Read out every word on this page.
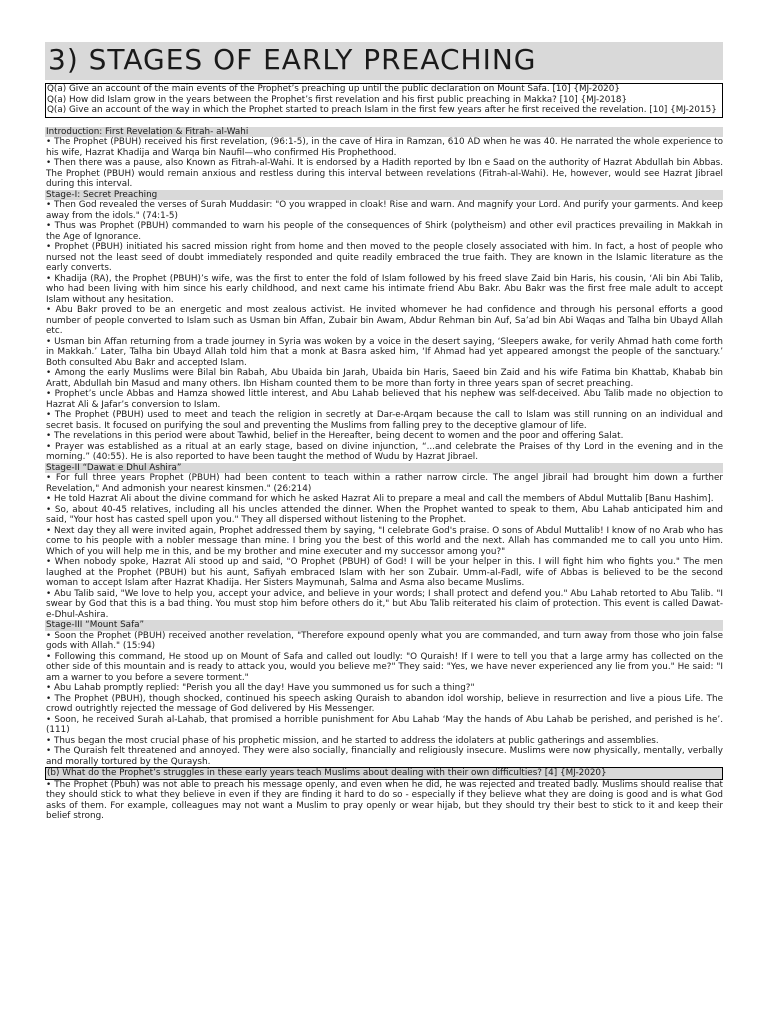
3) STAGES OF EARLY PREACHING

Q(a) Give an account of the main events of the Prophet’s preaching up until the public declaration on Mount Safa. [10] {MJ-2020}

Q(a) How did Islam grow in the years between the Prophet’s first revelation and his first public preaching in Makka? [10] {MJ-2018}

Q(a) Give an account of the way in which the Prophet started to preach Islam in the first few years after he first received the revelation. [10] {MJ-2015}

Introduction: First Revelation & Fitrah- al-Wahi

• The Prophet (PBUH) received his first revelation, (96:1-5), in the cave of Hira in Ramzan, 610 AD when he was 40. He narrated the whole experience to his wife, Hazrat Khadija and Warqa bin Naufil—who confirmed His Prophethood.

• Then there was a pause, also Known as Fitrah-al-Wahi. It is endorsed by a Hadith reported by Ibn e Saad on the authority of Hazrat Abdullah bin Abbas. The Prophet (PBUH) would remain anxious and restless during this interval between revelations (Fitrah-al-Wahi). He, however, would see Hazrat Jibrael during this interval.

Stage-I: Secret Preaching

• Then God revealed the verses of Surah Muddasir: "O you wrapped in cloak! Rise and warn. And magnify your Lord. And purify your garments. And keep away from the idols." (74:1-5)

• Thus was Prophet (PBUH) commanded to warn his people of the consequences of Shirk (polytheism) and other evil practices prevailing in Makkah in the Age of Ignorance.

• Prophet (PBUH) initiated his sacred mission right from home and then moved to the people closely associated with him. In fact, a host of people who nursed not the least seed of doubt immediately responded and quite readily embraced the true faith. They are known in the Islamic literature as the early converts.

• Khadija (RA), the Prophet (PBUH)’s wife, was the first to enter the fold of Islam followed by his freed slave Zaid bin Haris, his cousin, ‘Ali bin Abi Talib, who had been living with him since his early childhood, and next came his intimate friend Abu Bakr. Abu Bakr was the first free male adult to accept Islam without any hesitation.

• Abu Bakr proved to be an energetic and most zealous activist. He invited whomever he had confidence and through his personal efforts a good number of people converted to Islam such as Usman bin Affan, Zubair bin Awam, Abdur Rehman bin Auf, Sa’ad bin Abi Waqas and Talha bin Ubayd Allah etc.

• Usman bin Affan returning from a trade journey in Syria was woken by a voice in the desert saying, ‘Sleepers awake, for verily Ahmad hath come forth in Makkah.’ Later, Talha bin Ubayd Allah told him that a monk at Basra asked him, ‘If Ahmad had yet appeared amongst the people of the sanctuary.’ Both consulted Abu Bakr and accepted Islam.

• Among the early Muslims were Bilal bin Rabah, Abu Ubaida bin Jarah, Ubaida bin Haris, Saeed bin Zaid and his wife Fatima bin Khattab, Khabab bin Aratt, Abdullah bin Masud and many others. Ibn Hisham counted them to be more than forty in three years span of secret preaching.

• Prophet’s uncle Abbas and Hamza showed little interest, and Abu Lahab believed that his nephew was self-deceived. Abu Talib made no objection to Hazrat Ali & Jafar’s conversion to Islam.

• The Prophet (PBUH) used to meet and teach the religion in secretly at Dar-e-Arqam because the call to Islam was still running on an individual and secret basis. It focused on purifying the soul and preventing the Muslims from falling prey to the deceptive glamour of life.

• The revelations in this period were about Tawhid, belief in the Hereafter, being decent to women and the poor and offering Salat.

• Prayer was established as a ritual at an early stage, based on divine injunction, “...and celebrate the Praises of thy Lord in the evening and in the morning.” (40:55). He is also reported to have been taught the method of Wudu by Hazrat Jibrael.

Stage-II “Dawat e Dhul Ashira”

• For full three years Prophet (PBUH) had been content to teach within a rather narrow circle. The angel Jibrail had brought him down a further Revelation," And admonish your nearest kinsmen." (26:214)

• He told Hazrat Ali about the divine command for which he asked Hazrat Ali to prepare a meal and call the members of Abdul Muttalib [Banu Hashim].

• So, about 40-45 relatives, including all his uncles attended the dinner. When the Prophet wanted to speak to them, Abu Lahab anticipated him and said, "Your host has casted spell upon you." They all dispersed without listening to the Prophet.

• Next day they all were invited again, Prophet addressed them by saying, "I celebrate God's praise. O sons of Abdul Muttalib! I know of no Arab who has come to his people with a nobler message than mine. I bring you the best of this world and the next. Allah has commanded me to call you unto Him. Which of you will help me in this, and be my brother and mine executer and my successor among you?"

• When nobody spoke, Hazrat Ali stood up and said, "O Prophet (PBUH) of God! I will be your helper in this. I will fight him who fights you." The men laughed at the Prophet (PBUH) but his aunt, Safiyah embraced Islam with her son Zubair. Umm-al-Fadl, wife of Abbas is believed to be the second woman to accept Islam after Hazrat Khadija. Her Sisters Maymunah, Salma and Asma also became Muslims.

• Abu Talib said, "We love to help you, accept your advice, and believe in your words; I shall protect and defend you." Abu Lahab retorted to Abu Talib. "I swear by God that this is a bad thing. You must stop him before others do it," but Abu Talib reiterated his claim of protection. This event is called Dawat-e-Dhul-Ashira.

Stage-III “Mount Safa”

• Soon the Prophet (PBUH) received another revelation, "Therefore expound openly what you are commanded, and turn away from those who join false gods with Allah." (15:94)

• Following this command, He stood up on Mount of Safa and called out loudly: "O Quraish! If I were to tell you that a large army has collected on the other side of this mountain and is ready to attack you, would you believe me?" They said: "Yes, we have never experienced any lie from you." He said: "I am a warner to you before a severe torment."

• Abu Lahab promptly replied: "Perish you all the day! Have you summoned us for such a thing?"

• The Prophet (PBUH), though shocked, continued his speech asking Quraish to abandon idol worship, believe in resurrection and live a pious Life. The crowd outrightly rejected the message of God delivered by His Messenger.

• Soon, he received Surah al-Lahab, that promised a horrible punishment for Abu Lahab ‘May the hands of Abu Lahab be perished, and perished is he’. (111)

• Thus began the most crucial phase of his prophetic mission, and he started to address the idolaters at public gatherings and assemblies.

• The Quraish felt threatened and annoyed. They were also socially, financially and religiously insecure. Muslims were now physically, mentally, verbally and morally tortured by the Quraysh.

(b) What do the Prophet’s struggles in these early years teach Muslims about dealing with their own difficulties? [4] {MJ-2020}

• The Prophet (Pbuh) was not able to preach his message openly, and even when he did, he was rejected and treated badly. Muslims should realise that they should stick to what they believe in even if they are finding it hard to do so - especially if they believe what they are doing is good and is what God asks of them. For example, colleagues may not want a Muslim to pray openly or wear hijab, but they should try their best to stick to it and keep their belief strong.
